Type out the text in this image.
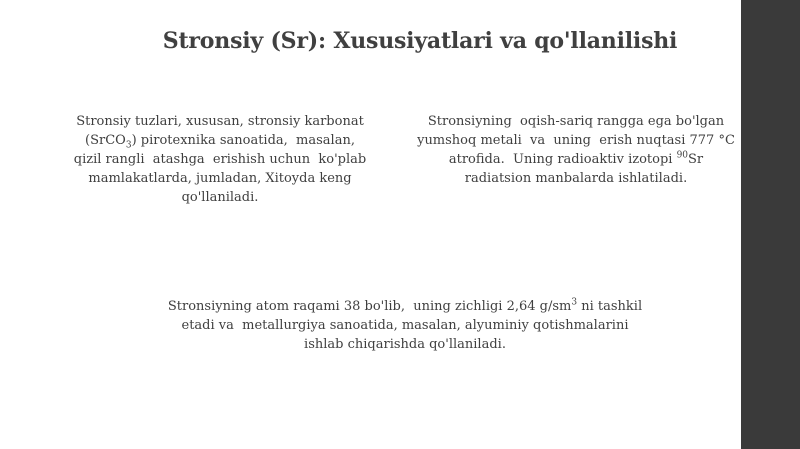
Stronsiy (Sr): Xususiyatlari va qo'llanilishi
Stronsiy tuzlari, xususan, stronsiy karbonat
(SrCO$_3$) pirotexnika sanoatida,  masalan,
qizil rangli  atashga  erishish uchun  ko'plab
mamlakatlarda, jumladan, Xitoyda keng
qo'llaniladi.
Stronsiyning  oqish-sariq rangga ega bo'lgan
yumshoq metali  va  uning  erish nuqtasi 777 °C
atrofida.  Uning radioaktiv izotopi $^{90}$Sr
radiatsion manbalarda ishlatiladi.
Stronsiyning atom raqami 38 bo'lib,  uning zichligi 2,64 $g/sm^3$ ni tashkil
etadi va  metallurgiya sanoatida, masalan, alyuminiy qotishmalarini
ishlab chiqarishda qo'llaniladi.
